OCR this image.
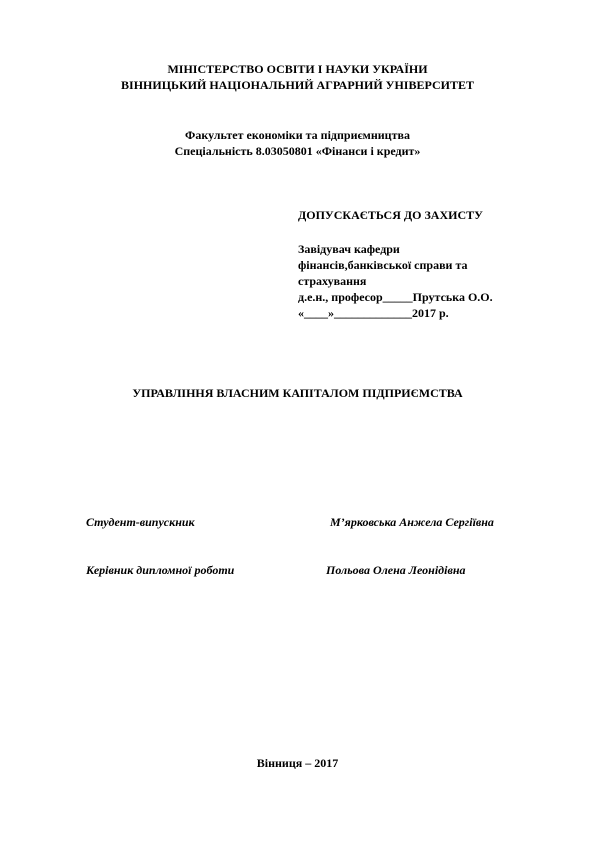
МІНІСТЕРСТВО ОСВІТИ І НАУКИ УКРАЇНИ
ВІННИЦЬКИЙ НАЦІОНАЛЬНИЙ АГРАРНИЙ УНІВЕРСИТЕТ
Факультет економіки та підприємництва
Спеціальність 8.03050801 «Фінанси і кредит»
ДОПУСКАЄТЬСЯ ДО ЗАХИСТУ
Завідувач кафедри
фінансів,банківської справи та
страхування
д.е.н., професор_____Прутська О.О.
«____»_____________2017 р.
УПРАВЛІННЯ ВЛАСНИМ КАПІТАЛОМ ПІДПРИЄМСТВА
Студент-випускник	М’ярковська Анжела Сергіївна
Керівник дипломної роботи	Польова Олена Леонідівна
Вінниця – 2017
